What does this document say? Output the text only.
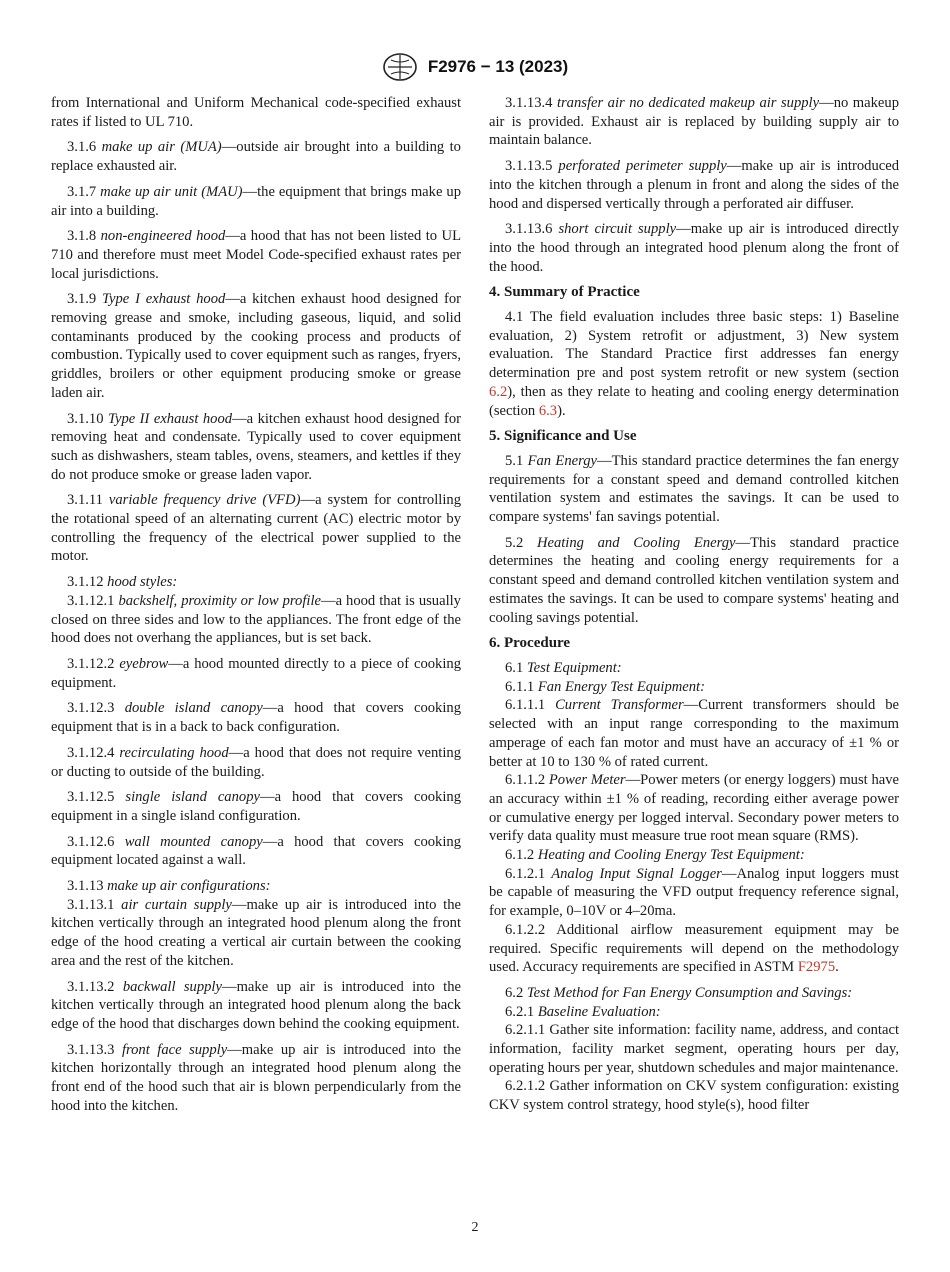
F2976 − 13 (2023)

from International and Uniform Mechanical code-specified exhaust rates if listed to UL 710.

3.1.6 make up air (MUA)—outside air brought into a building to replace exhausted air.

3.1.7 make up air unit (MAU)—the equipment that brings make up air into a building.

3.1.8 non-engineered hood—a hood that has not been listed to UL 710 and therefore must meet Model Code-specified exhaust rates per local jurisdictions.

3.1.9 Type I exhaust hood—a kitchen exhaust hood designed for removing grease and smoke, including gaseous, liquid, and solid contaminants produced by the cooking process and products of combustion. Typically used to cover equipment such as ranges, fryers, griddles, broilers or other equipment producing smoke or grease laden air.

3.1.10 Type II exhaust hood—a kitchen exhaust hood designed for removing heat and condensate. Typically used to cover equipment such as dishwashers, steam tables, ovens, steamers, and kettles if they do not produce smoke or grease laden vapor.

3.1.11 variable frequency drive (VFD)—a system for controlling the rotational speed of an alternating current (AC) electric motor by controlling the frequency of the electrical power supplied to the motor.

3.1.12 hood styles:

3.1.12.1 backshelf, proximity or low profile—a hood that is usually closed on three sides and low to the appliances. The front edge of the hood does not overhang the appliances, but is set back.

3.1.12.2 eyebrow—a hood mounted directly to a piece of cooking equipment.

3.1.12.3 double island canopy—a hood that covers cooking equipment that is in a back to back configuration.

3.1.12.4 recirculating hood—a hood that does not require venting or ducting to outside of the building.

3.1.12.5 single island canopy—a hood that covers cooking equipment in a single island configuration.

3.1.12.6 wall mounted canopy—a hood that covers cooking equipment located against a wall.

3.1.13 make up air configurations:

3.1.13.1 air curtain supply—make up air is introduced into the kitchen vertically through an integrated hood plenum along the front edge of the hood creating a vertical air curtain between the cooking area and the rest of the kitchen.

3.1.13.2 backwall supply—make up air is introduced into the kitchen vertically through an integrated hood plenum along the back edge of the hood that discharges down behind the cooking equipment.

3.1.13.3 front face supply—make up air is introduced into the kitchen horizontally through an integrated hood plenum along the front end of the hood such that air is blown perpendicularly from the hood into the kitchen.

3.1.13.4 transfer air no dedicated makeup air supply—no makeup air is provided. Exhaust air is replaced by building supply air to maintain balance.

3.1.13.5 perforated perimeter supply—make up air is introduced into the kitchen through a plenum in front and along the sides of the hood and dispersed vertically through a perforated air diffuser.

3.1.13.6 short circuit supply—make up air is introduced directly into the hood through an integrated hood plenum along the front of the hood.

4. Summary of Practice

4.1 The field evaluation includes three basic steps: 1) Baseline evaluation, 2) System retrofit or adjustment, 3) New system evaluation. The Standard Practice first addresses fan energy determination pre and post system retrofit or new system (section 6.2), then as they relate to heating and cooling energy determination (section 6.3).

5. Significance and Use

5.1 Fan Energy—This standard practice determines the fan energy requirements for a constant speed and demand controlled kitchen ventilation system and estimates the savings. It can be used to compare systems' fan savings potential.

5.2 Heating and Cooling Energy—This standard practice determines the heating and cooling energy requirements for a constant speed and demand controlled kitchen ventilation system and estimates the savings. It can be used to compare systems' heating and cooling savings potential.

6. Procedure

6.1 Test Equipment:

6.1.1 Fan Energy Test Equipment:

6.1.1.1 Current Transformer—Current transformers should be selected with an input range corresponding to the maximum amperage of each fan motor and must have an accuracy of ±1 % or better at 10 to 130 % of rated current.

6.1.1.2 Power Meter—Power meters (or energy loggers) must have an accuracy within ±1 % of reading, recording either average power or cumulative energy per logged interval. Secondary power meters to verify data quality must measure true root mean square (RMS).

6.1.2 Heating and Cooling Energy Test Equipment:

6.1.2.1 Analog Input Signal Logger—Analog input loggers must be capable of measuring the VFD output frequency reference signal, for example, 0–10V or 4–20ma.

6.1.2.2 Additional airflow measurement equipment may be required. Specific requirements will depend on the methodology used. Accuracy requirements are specified in ASTM F2975.

6.2 Test Method for Fan Energy Consumption and Savings:

6.2.1 Baseline Evaluation:

6.2.1.1 Gather site information: facility name, address, and contact information, facility market segment, operating hours per day, operating hours per year, shutdown schedules and major maintenance.

6.2.1.2 Gather information on CKV system configuration: existing CKV system control strategy, hood style(s), hood filter

2
